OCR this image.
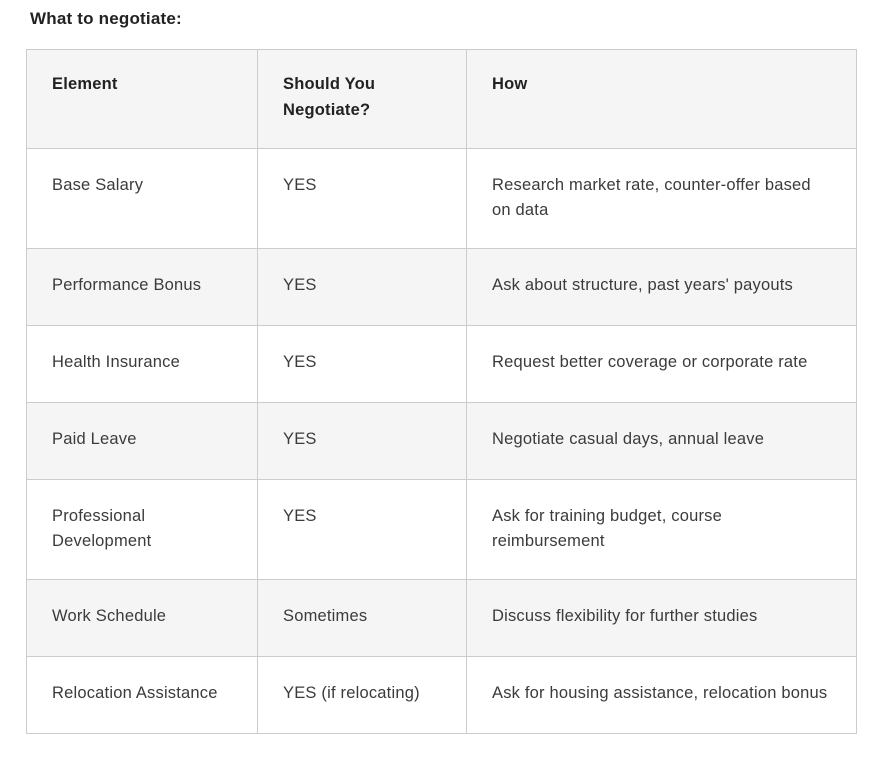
What to negotiate:
Element	Should You Negotiate?	How
Base Salary	YES	Research market rate, counter-offer based on data
Performance Bonus	YES	Ask about structure, past years' payouts
Health Insurance	YES	Request better coverage or corporate rate
Paid Leave	YES	Negotiate casual days, annual leave
Professional Development	YES	Ask for training budget, course reimbursement
Work Schedule	Sometimes	Discuss flexibility for further studies
Relocation Assistance	YES (if relocating)	Ask for housing assistance, relocation bonus
